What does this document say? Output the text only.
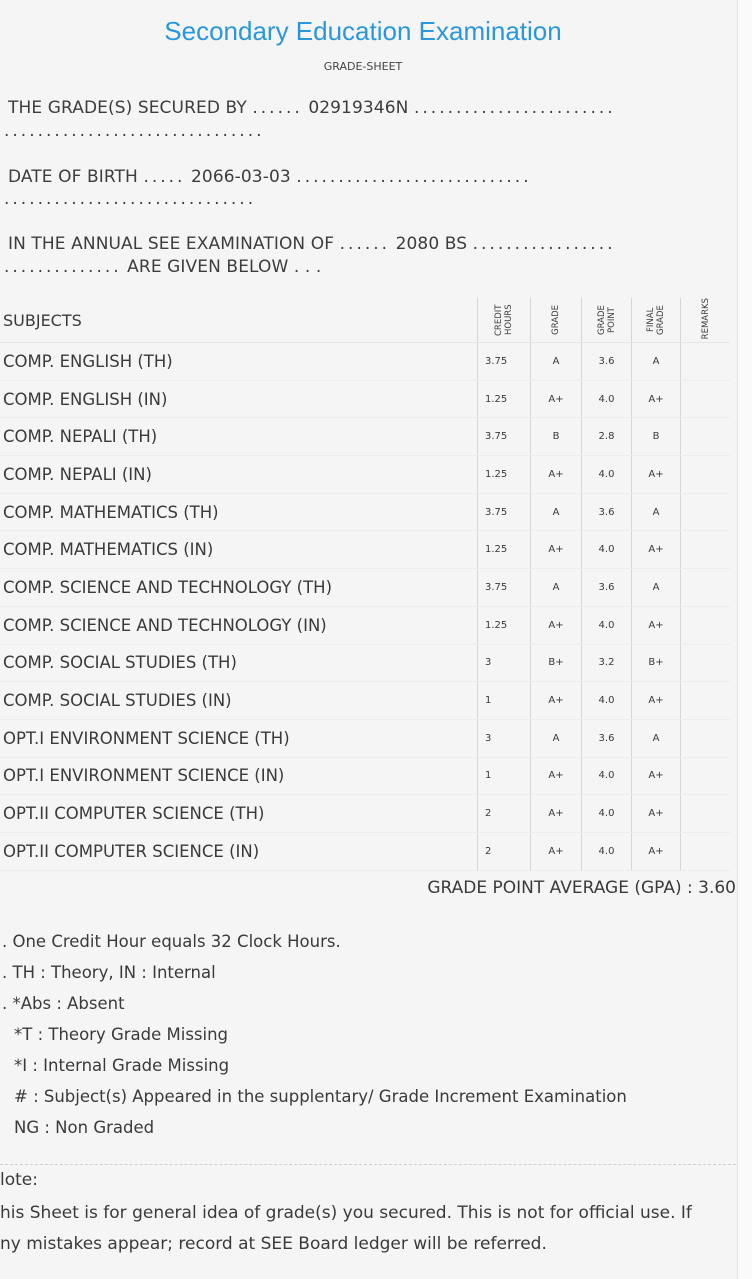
Secondary Education Examination
GRADE-SHEET
THE GRADE(S) SECURED BY ...... 02919346N ........................
...............................
DATE OF BIRTH ..... 2066-03-03 ............................
..............................
IN THE ANNUAL SEE EXAMINATION OF ...... 2080 BS .................
.............. ARE GIVEN BELOW . . .
SUBJECTS	CREDIT HOURS	GRADE	GRADE POINT	FINAL GRADE	REMARKS
COMP. ENGLISH (TH)	3.75	A	3.6	A
COMP. ENGLISH (IN)	1.25	A+	4.0	A+
COMP. NEPALI (TH)	3.75	B	2.8	B
COMP. NEPALI (IN)	1.25	A+	4.0	A+
COMP. MATHEMATICS (TH)	3.75	A	3.6	A
COMP. MATHEMATICS (IN)	1.25	A+	4.0	A+
COMP. SCIENCE AND TECHNOLOGY (TH)	3.75	A	3.6	A
COMP. SCIENCE AND TECHNOLOGY (IN)	1.25	A+	4.0	A+
COMP. SOCIAL STUDIES (TH)	3	B+	3.2	B+
COMP. SOCIAL STUDIES (IN)	1	A+	4.0	A+
OPT.I ENVIRONMENT SCIENCE (TH)	3	A	3.6	A
OPT.I ENVIRONMENT SCIENCE (IN)	1	A+	4.0	A+
OPT.II COMPUTER SCIENCE (TH)	2	A+	4.0	A+
OPT.II COMPUTER SCIENCE (IN)	2	A+	4.0	A+
GRADE POINT AVERAGE (GPA) : 3.60
. One Credit Hour equals 32 Clock Hours.
. TH : Theory, IN : Internal
. *Abs : Absent
*T : Theory Grade Missing
*I : Internal Grade Missing
# : Subject(s) Appeared in the supplentary/ Grade Increment Examination
NG : Non Graded
lote:
his Sheet is for general idea of grade(s) you secured. This is not for official use. If
ny mistakes appear; record at SEE Board ledger will be referred.
